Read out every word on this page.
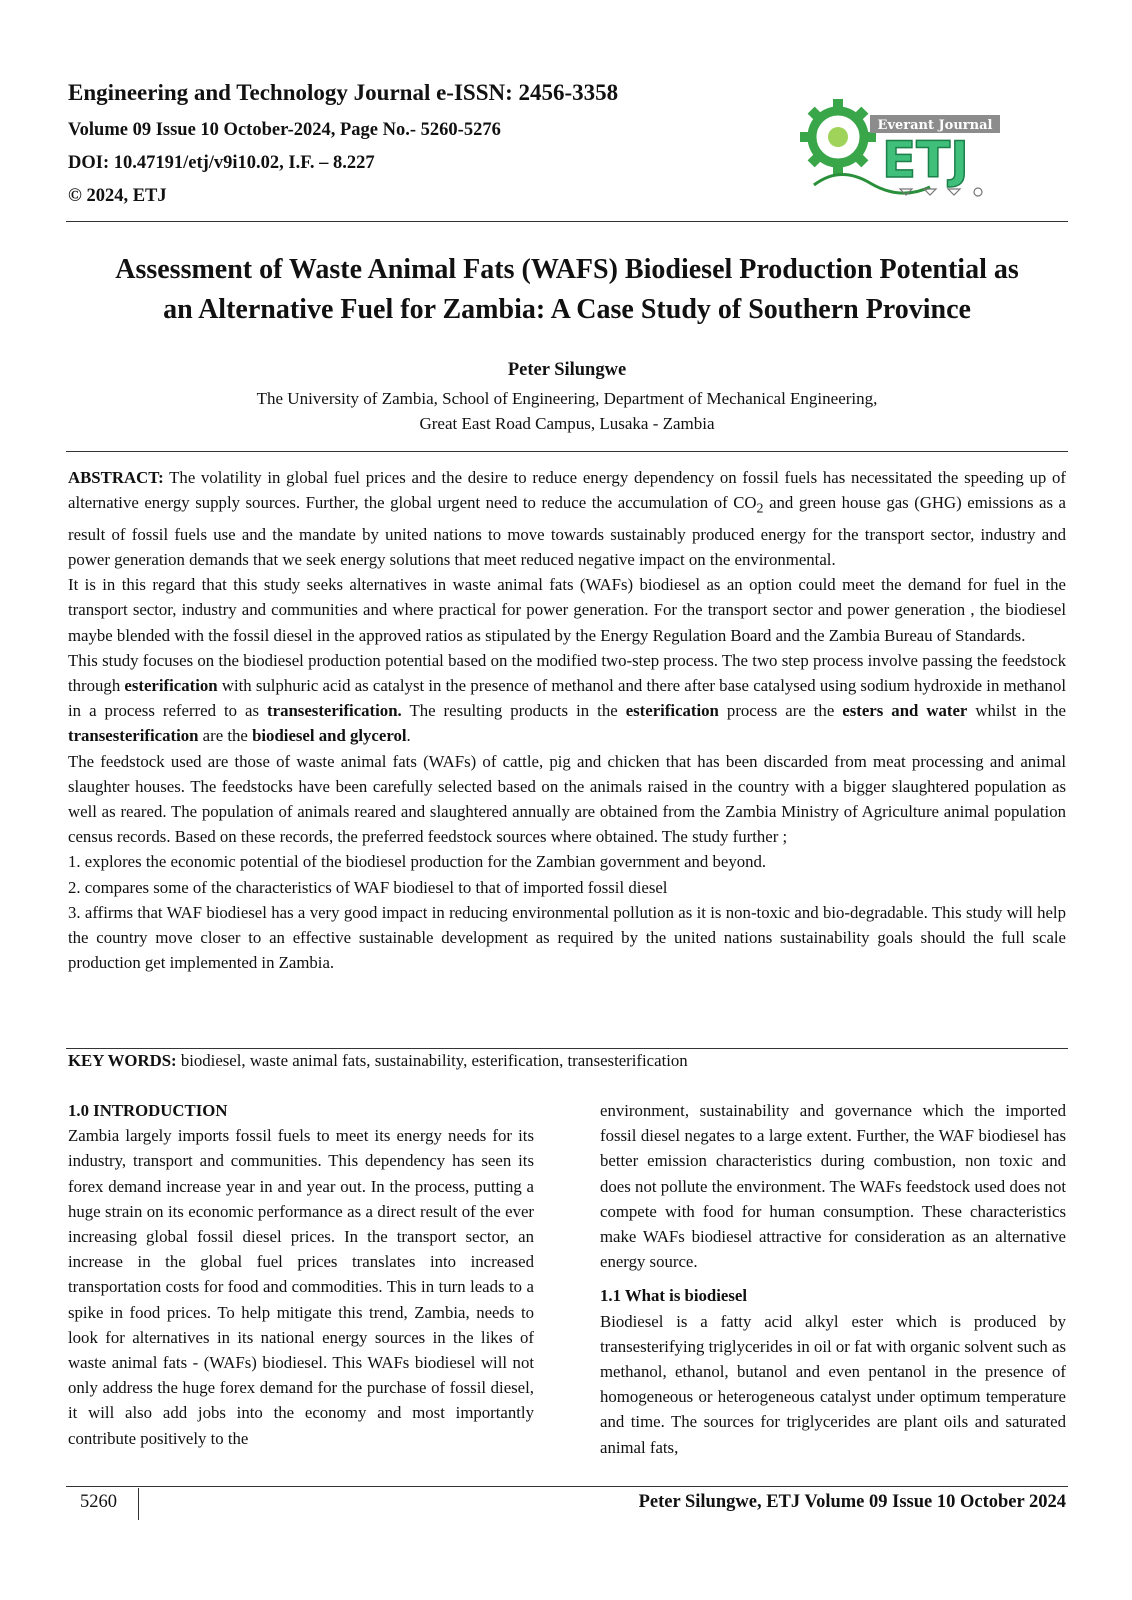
Engineering and Technology Journal e-ISSN: 2456-3358
Volume 09 Issue 10 October-2024, Page No.- 5260-5276
DOI: 10.47191/etj/v9i10.02, I.F. – 8.227
© 2024, ETJ
Everant Journal
ETJ
Assessment of Waste Animal Fats (WAFS) Biodiesel Production Potential as
an Alternative Fuel for Zambia: A Case Study of Southern Province
Peter Silungwe
The University of Zambia, School of Engineering, Department of Mechanical Engineering,
Great East Road Campus, Lusaka - Zambia

ABSTRACT: The volatility in global fuel prices and the desire to reduce energy dependency on fossil fuels has necessitated the speeding up of alternative energy supply sources. Further, the global urgent need to reduce the accumulation of $CO_2$ and green house gas (GHG) emissions as a result of fossil fuels use and the mandate by united nations to move towards sustainably produced energy for the transport sector, industry and power generation demands that we seek energy solutions that meet reduced negative impact on the environmental.

It is in this regard that this study seeks alternatives in waste animal fats (WAFs) biodiesel as an option could meet the demand for fuel in the transport sector, industry and communities and where practical for power generation. For the transport sector and power generation , the biodiesel maybe blended with the fossil diesel in the approved ratios as stipulated by the Energy Regulation Board and the Zambia Bureau of Standards.

This study focuses on the biodiesel production potential based on the modified two-step process. The two step process involve passing the feedstock through esterification with sulphuric acid as catalyst in the presence of methanol and there after base catalysed using sodium hydroxide in methanol in a process referred to as transesterification. The resulting products in the esterification process are the esters and water whilst in the transesterification are the biodiesel and glycerol.

The feedstock used are those of waste animal fats (WAFs) of cattle, pig and chicken that has been discarded from meat processing and animal slaughter houses. The feedstocks have been carefully selected based on the animals raised in the country with a bigger slaughtered population as well as reared. The population of animals reared and slaughtered annually are obtained from the Zambia Ministry of Agriculture animal population census records. Based on these records, the preferred feedstock sources where obtained. The study further ;

1. explores the economic potential of the biodiesel production for the Zambian government and beyond.

2. compares some of the characteristics of WAF biodiesel to that of imported fossil diesel

3. affirms that WAF biodiesel has a very good impact in reducing environmental pollution as it is non-toxic and bio-degradable. This study will help the country move closer to an effective sustainable development as required by the united nations sustainability goals should the full scale production get implemented in Zambia.

KEY WORDS: biodiesel, waste animal fats, sustainability, esterification, transesterification

1.0 INTRODUCTION

Zambia largely imports fossil fuels to meet its energy needs for its industry, transport and communities. This dependency has seen its forex demand increase year in and year out. In the process, putting a huge strain on its economic performance as a direct result of the ever increasing global fossil diesel prices. In the transport sector, an increase in the global fuel prices translates into increased transportation costs for food and commodities. This in turn leads to a spike in food prices. To help mitigate this trend, Zambia, needs to look for alternatives in its national energy sources in the likes of waste animal fats - (WAFs) biodiesel. This WAFs biodiesel will not only address the huge forex demand for the purchase of fossil diesel, it will also add jobs into the economy and most importantly contribute positively to the

environment, sustainability and governance which the imported fossil diesel negates to a large extent. Further, the WAF biodiesel has better emission characteristics during combustion, non toxic and does not pollute the environment. The WAFs feedstock used does not compete with food for human consumption. These characteristics make WAFs biodiesel attractive for consideration as an alternative energy source.

1.1 What is biodiesel

Biodiesel is a fatty acid alkyl ester which is produced by transesterifying triglycerides in oil or fat with organic solvent such as methanol, ethanol, butanol and even pentanol in the presence of homogeneous or heterogeneous catalyst under optimum temperature and time. The sources for triglycerides are plant oils and saturated animal fats,

5260	Peter Silungwe, ETJ Volume 09 Issue 10 October 2024
